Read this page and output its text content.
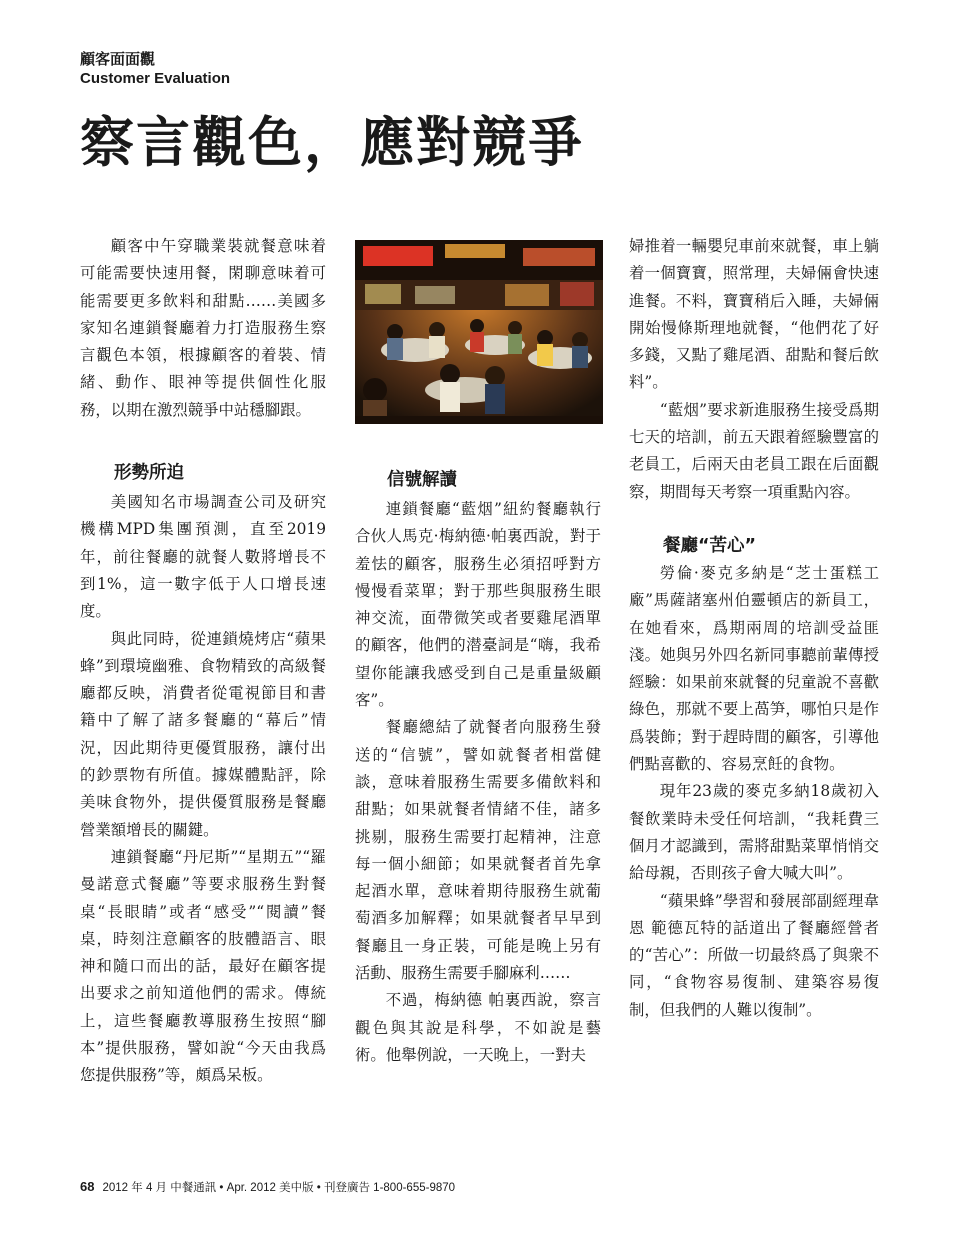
顧客面面觀
Customer Evaluation
察言觀色，應對競爭

顧客中午穿職業裝就餐意味着可能需要快速用餐，閑聊意味着可能需要更多飲料和甜點……美國多家知名連鎖餐廳着力打造服務生察言觀色本領，根據顧客的着裝、情緒、動作、眼神等提供個性化服務，以期在激烈競爭中站穩腳跟。

形勢所迫

美國知名市場調查公司及研究機構MPD集團預測，直至2019年，前往餐廳的就餐人數將增長不到1%，這一數字低于人口增長速度。

與此同時，從連鎖燒烤店“蘋果蜂”到環境幽雅、食物精致的高級餐廳都反映，消費者從電視節目和書籍中了解了諸多餐廳的“幕后”情況，因此期待更優質服務，讓付出的鈔票物有所值。據媒體點評，除美味食物外，提供優質服務是餐廳營業額增長的關鍵。

連鎖餐廳“丹尼斯”“星期五”“羅曼諾意式餐廳”等要求服務生對餐桌“長眼睛”或者“感受”“閱讀”餐桌，時刻注意顧客的肢體語言、眼神和隨口而出的話，最好在顧客提出要求之前知道他們的需求。傳統上，這些餐廳教導服務生按照“腳本”提供服務，譬如說“今天由我爲您提供服務”等，頗爲呆板。

信號解讀

連鎖餐廳“藍烟”紐約餐廳執行合伙人馬克·梅納德·帕裏西說，對于羞怯的顧客，服務生必須招呼對方慢慢看菜單；對于那些與服務生眼神交流，面帶微笑或者要雞尾酒單的顧客，他們的潜臺詞是“嗨，我希望你能讓我感受到自己是重量級顧客”。

餐廳總結了就餐者向服務生發送的“信號”，譬如就餐者相當健談，意味着服務生需要多備飲料和甜點；如果就餐者情緒不佳，諸多挑剔，服務生需要打起精神，注意每一個小細節；如果就餐者首先拿起酒水單，意味着期待服務生就葡萄酒多加解釋；如果就餐者早早到餐廳且一身正裝，可能是晚上另有活動、服務生需要手腳麻利……

不過，梅納德 帕裏西說，察言觀色與其說是科學，不如說是藝術。他舉例說，一天晚上，一對夫

婦推着一輛嬰兒車前來就餐，車上躺着一個寶寶，照常理，夫婦倆會快速進餐。不料，寶寶稍后入睡，夫婦倆開始慢條斯理地就餐，“他們花了好多錢，又點了雞尾酒、甜點和餐后飲料”。

“藍烟”要求新進服務生接受爲期七天的培訓，前五天跟着經驗豐富的老員工，后兩天由老員工跟在后面觀察，期間每天考察一項重點內容。

餐廳“苦心”

勞倫·麥克多納是“芝士蛋糕工廠”馬薩諸塞州伯靈頓店的新員工，在她看來，爲期兩周的培訓受益匪淺。她與另外四名新同事聽前輩傳授經驗：如果前來就餐的兒童說不喜歡綠色，那就不要上萵笋，哪怕只是作爲裝飾；對于趕時間的顧客，引導他們點喜歡的、容易烹飪的食物。

現年23歲的麥克多納18歲初入餐飲業時未受任何培訓，“我耗費三個月才認識到，需將甜點菜單悄悄交給母親，否則孩子會大喊大叫”。

“蘋果蜂”學習和發展部副經理韋恩 範德瓦特的話道出了餐廳經營者的“苦心”：所做一切最終爲了與衆不同，“食物容易復制、建築容易復制，但我們的人難以復制”。

68 2012 年 4 月 中餐通訊 • Apr. 2012 美中版 • 刊登廣告 1-800-655-9870
